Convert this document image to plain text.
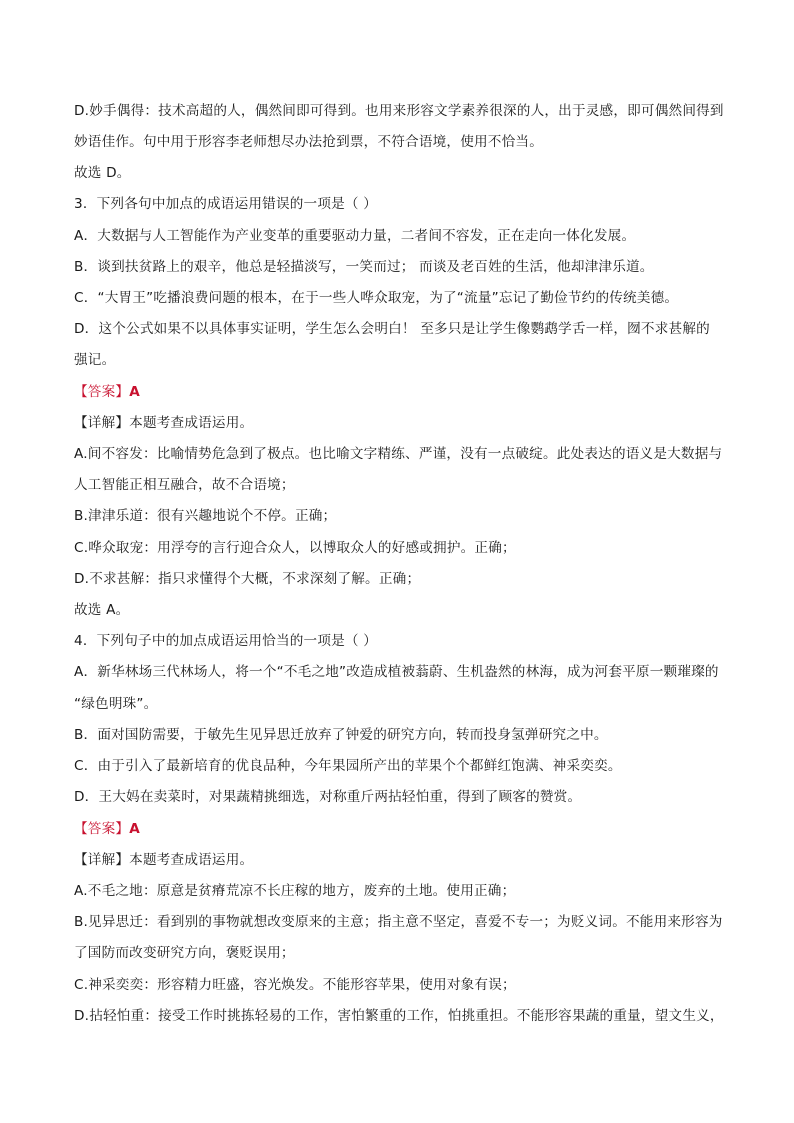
D.妙手偶得：技术高超的人，偶然间即可得到。也用来形容文学素养很深的人，出于灵感，即可偶然间得到
妙语佳作。句中用于形容李老师想尽办法抢到票，不符合语境，使用不恰当。
故选 D。
3．下列各句中加点的成语运用错误的一项是（ ）
A．大数据与人工智能作为产业变革的重要驱动力量，二者间不容发，正在走向一体化发展。
B．谈到扶贫路上的艰辛，他总是轻描淡写，一笑而过； 而谈及老百姓的生活，他却津津乐道。
C．“大胃王”吃播浪费问题的根本，在于一些人哗众取宠，为了“流量”忘记了勤俭节约的传统美德。
D．这个公式如果不以具体事实证明，学生怎么会明白！ 至多只是让学生像鹦鹉学舌一样，囫不求甚解的
强记。
【答案】A
【详解】本题考查成语运用。
A.间不容发：比喻情势危急到了极点。也比喻文字精练、严谨，没有一点破绽。此处表达的语义是大数据与
人工智能正相互融合，故不合语境；
B.津津乐道：很有兴趣地说个不停。正确；
C.哗众取宠：用浮夸的言行迎合众人，以博取众人的好感或拥护。正确；
D.不求甚解：指只求懂得个大概，不求深刻了解。正确；
故选 A。
4．下列句子中的加点成语运用恰当的一项是（ ）
A．新华林场三代林场人，将一个“不毛之地”改造成植被蓊蔚、生机盎然的林海，成为河套平原一颗璀璨的
“绿色明珠”。
B．面对国防需要，于敏先生见异思迁放弃了钟爱的研究方向，转而投身氢弹研究之中。
C．由于引入了最新培育的优良品种，今年果园所产出的苹果个个都鲜红饱满、神采奕奕。
D．王大妈在卖菜时，对果蔬精挑细选，对称重斤两拈轻怕重，得到了顾客的赞赏。
【答案】A
【详解】本题考查成语运用。
A.不毛之地：原意是贫瘠荒凉不长庄稼的地方，废弃的土地。使用正确；
B.见异思迁：看到别的事物就想改变原来的主意；指主意不坚定，喜爱不专一；为贬义词。不能用来形容为
了国防而改变研究方向，褒贬误用；
C.神采奕奕：形容精力旺盛，容光焕发。不能形容苹果，使用对象有误；
D.拈轻怕重：接受工作时挑拣轻易的工作，害怕繁重的工作，怕挑重担。不能形容果蔬的重量，望文生义，
